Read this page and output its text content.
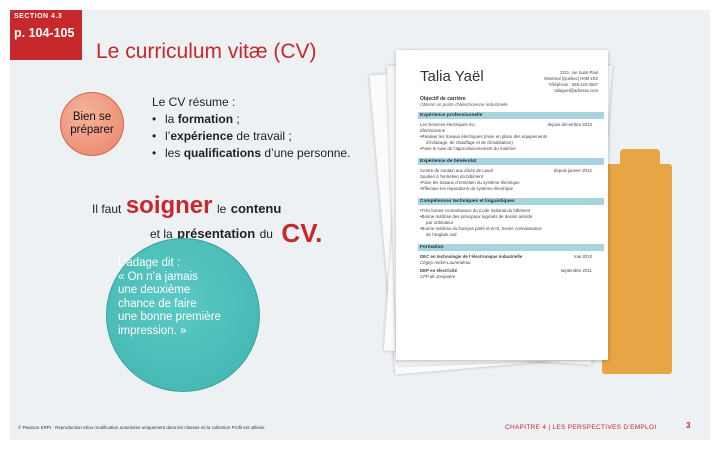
SECTION 4.3
p. 104-105
Le curriculum vitæ (CV)
Bien se préparer
Le CV résume :
• la formation ;
• l’expérience de travail ;
• les qualifications d’une personne.
Il faut soigner le contenu
et la présentation du CV.
L’adage dit :
« On n’a jamais
une deuxième
chance de faire
une bonne première
impression. »
Talia Yaël	1321, rue Saint-Paul
Montréal (Québec) H0M 1R2
Téléphone : 555-123-4567
taliayael@adresse.com
Objectif de carrière
Obtenir un poste d’électricienne industrielle
Expérience professionnelle
Les Services électriques Inc.	depuis décembre 2013
Électricienne
• Réaliser les travaux électriques (mise en place des équipements
d’éclairage, de chauffage et de climatisation)
• Faire le suivi de l’approvisionnement du matériel
Expérience de bénévolat
Centre de soutien aux aînés de Laval	depuis janvier 2012
Soutien à l’entretien du bâtiment
• Faire les travaux d’entretien du système électrique
• Effectuer les réparations du système électrique
Compétences techniques et linguistiques
• Très bonne connaissance du Code national du bâtiment
• Bonne maîtrise des principaux logiciels de dessin assisté
par ordinateur
• Bonne maîtrise du français parlé et écrit, bonne connaissance
de l’anglais oral
Formation
DEC en technologie de l’électronique industrielle	mai 2013
Cégep André-Laurendeau
DEP en électricité	septembre 2011
CFP de Jonquière
© Pearson ERPI · Reproduction et/ou modification autorisées uniquement dans les classes où la collection Profil est utilisée	CHAPITRE 4 | LES PERSPECTIVES D’EMPLOI	3
